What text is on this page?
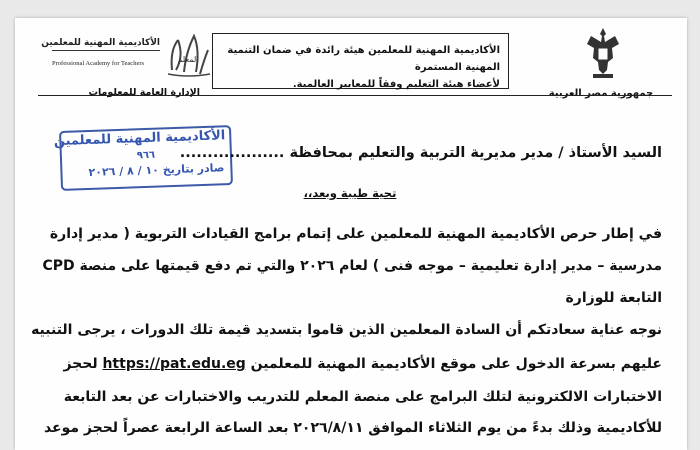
جمهورية مصر العربية
الأكاديمية المهنية للمعلمين هيئة رائدة في ضمان التنمية المهنية المستمرة
لأعضاء هيئة التعليم وفقاً للمعايير العالمية.
المعلم
الأكاديمية المهنية للمعلمين
Professional Academy for Teachers
الإدارة العامة للمعلومات
الأكاديمية المهنية للمعلمين
٩٦٦
صادر بتاريخ ١٠ / ٨ / ٢٠٢٦
السيد الأستاذ / مدير مديرية التربية والتعليم بمحافظة ...................
تحية طيبة وبعد،،
في إطار حرص الأكاديمية المهنية للمعلمين على إتمام برامج القيادات التربوية ( مدير إدارة
مدرسية – مدير إدارة تعليمية – موجه فنى ) لعام ٢٠٢٦ والتي تم دفع قيمتها على منصة CPD
التابعة للوزارة
نوجه عناية سعادتكم أن السادة المعلمين الذين قاموا بتسديد قيمة تلك الدورات ، يرجى التنبيه
عليهم بسرعة الدخول على موقع الأكاديمية المهنية للمعلمين https://pat.edu.eg لحجز
الاختبارات الالكترونية لتلك البرامج على منصة المعلم للتدريب والاختبارات عن بعد التابعة
للأكاديمية وذلك بدءً من يوم الثلاثاء الموافق ٢٠٢٦/٨/١١ بعد الساعة الرابعة عصراً لحجز موعد
